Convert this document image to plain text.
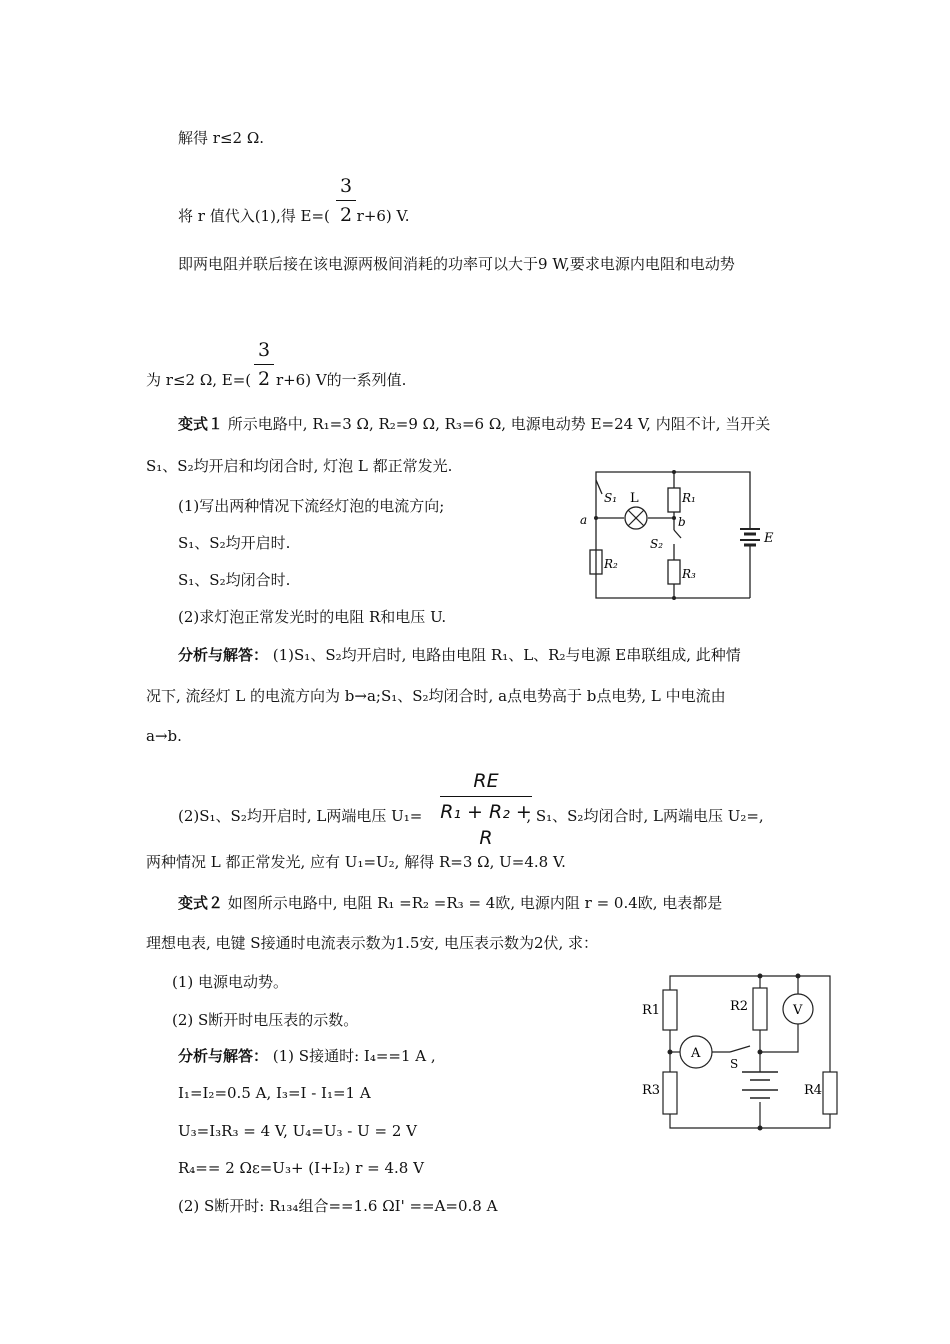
解得 r≤2 Ω.
将 r 值代入(1),得 E=( r+6) V.
3
2
即两电阻并联后接在该电源两极间消耗的功率可以大于9 W,要求电源内电阻和电动势
为 r≤2 Ω, E=( r+6) V的一系列值.
3
2
变式１ 所示电路中, R₁=3 Ω, R₂=9 Ω, R₃=6 Ω, 电源电动势 E=24 V, 内阻不计, 当开关
S₁、S₂均开启和均闭合时, 灯泡 L 都正常发光.
(1)写出两种情况下流经灯泡的电流方向;
S₁、S₂均开启时.
S₁、S₂均闭合时.
(2)求灯泡正常发光时的电阻 R和电压 U.
S₁ L	R₁
a	b
S₂
R₂
R₃
E
分析与解答： (1)S₁、S₂均开启时, 电路由电阻 R₁、L、R₂与电源 E串联组成, 此种情
况下, 流经灯 L 的电流方向为 b→a;S₁、S₂均闭合时, a点电势高于 b点电势, L 中电流由
a→b.
RE
R₁ + R₂ + R
(2)S₁、S₂均开启时, L两端电压 U₁=	, S₁、S₂均闭合时, L两端电压 U₂=,
两种情况 L 都正常发光, 应有 U₁=U₂, 解得 R=3 Ω, U=4.8 V.
变式２ 如图所示电路中, 电阻 R₁ =R₂ =R₃ = 4欧, 电源内阻 r = 0.4欧, 电表都是
理想电表, 电键 S接通时电流表示数为1.5安, 电压表示数为2伏, 求：
(1) 电源电动势。
(2) S断开时电压表的示数。
分析与解答： (1) S接通时: I₄==1 A ,
I₁=I₂=0.5 A, I₃=I - I₁=1 A
U₃=I₃R₃ = 4 V, U₄=U₃ - U = 2 V
R₄== 2 Ωε=U₃+ (I+I₂) r = 4.8 V
(2) S断开时: R₁₃₄组合==1.6 ΩI' ==A=0.8 A
R1	R2	V
A
S
R3	R4
